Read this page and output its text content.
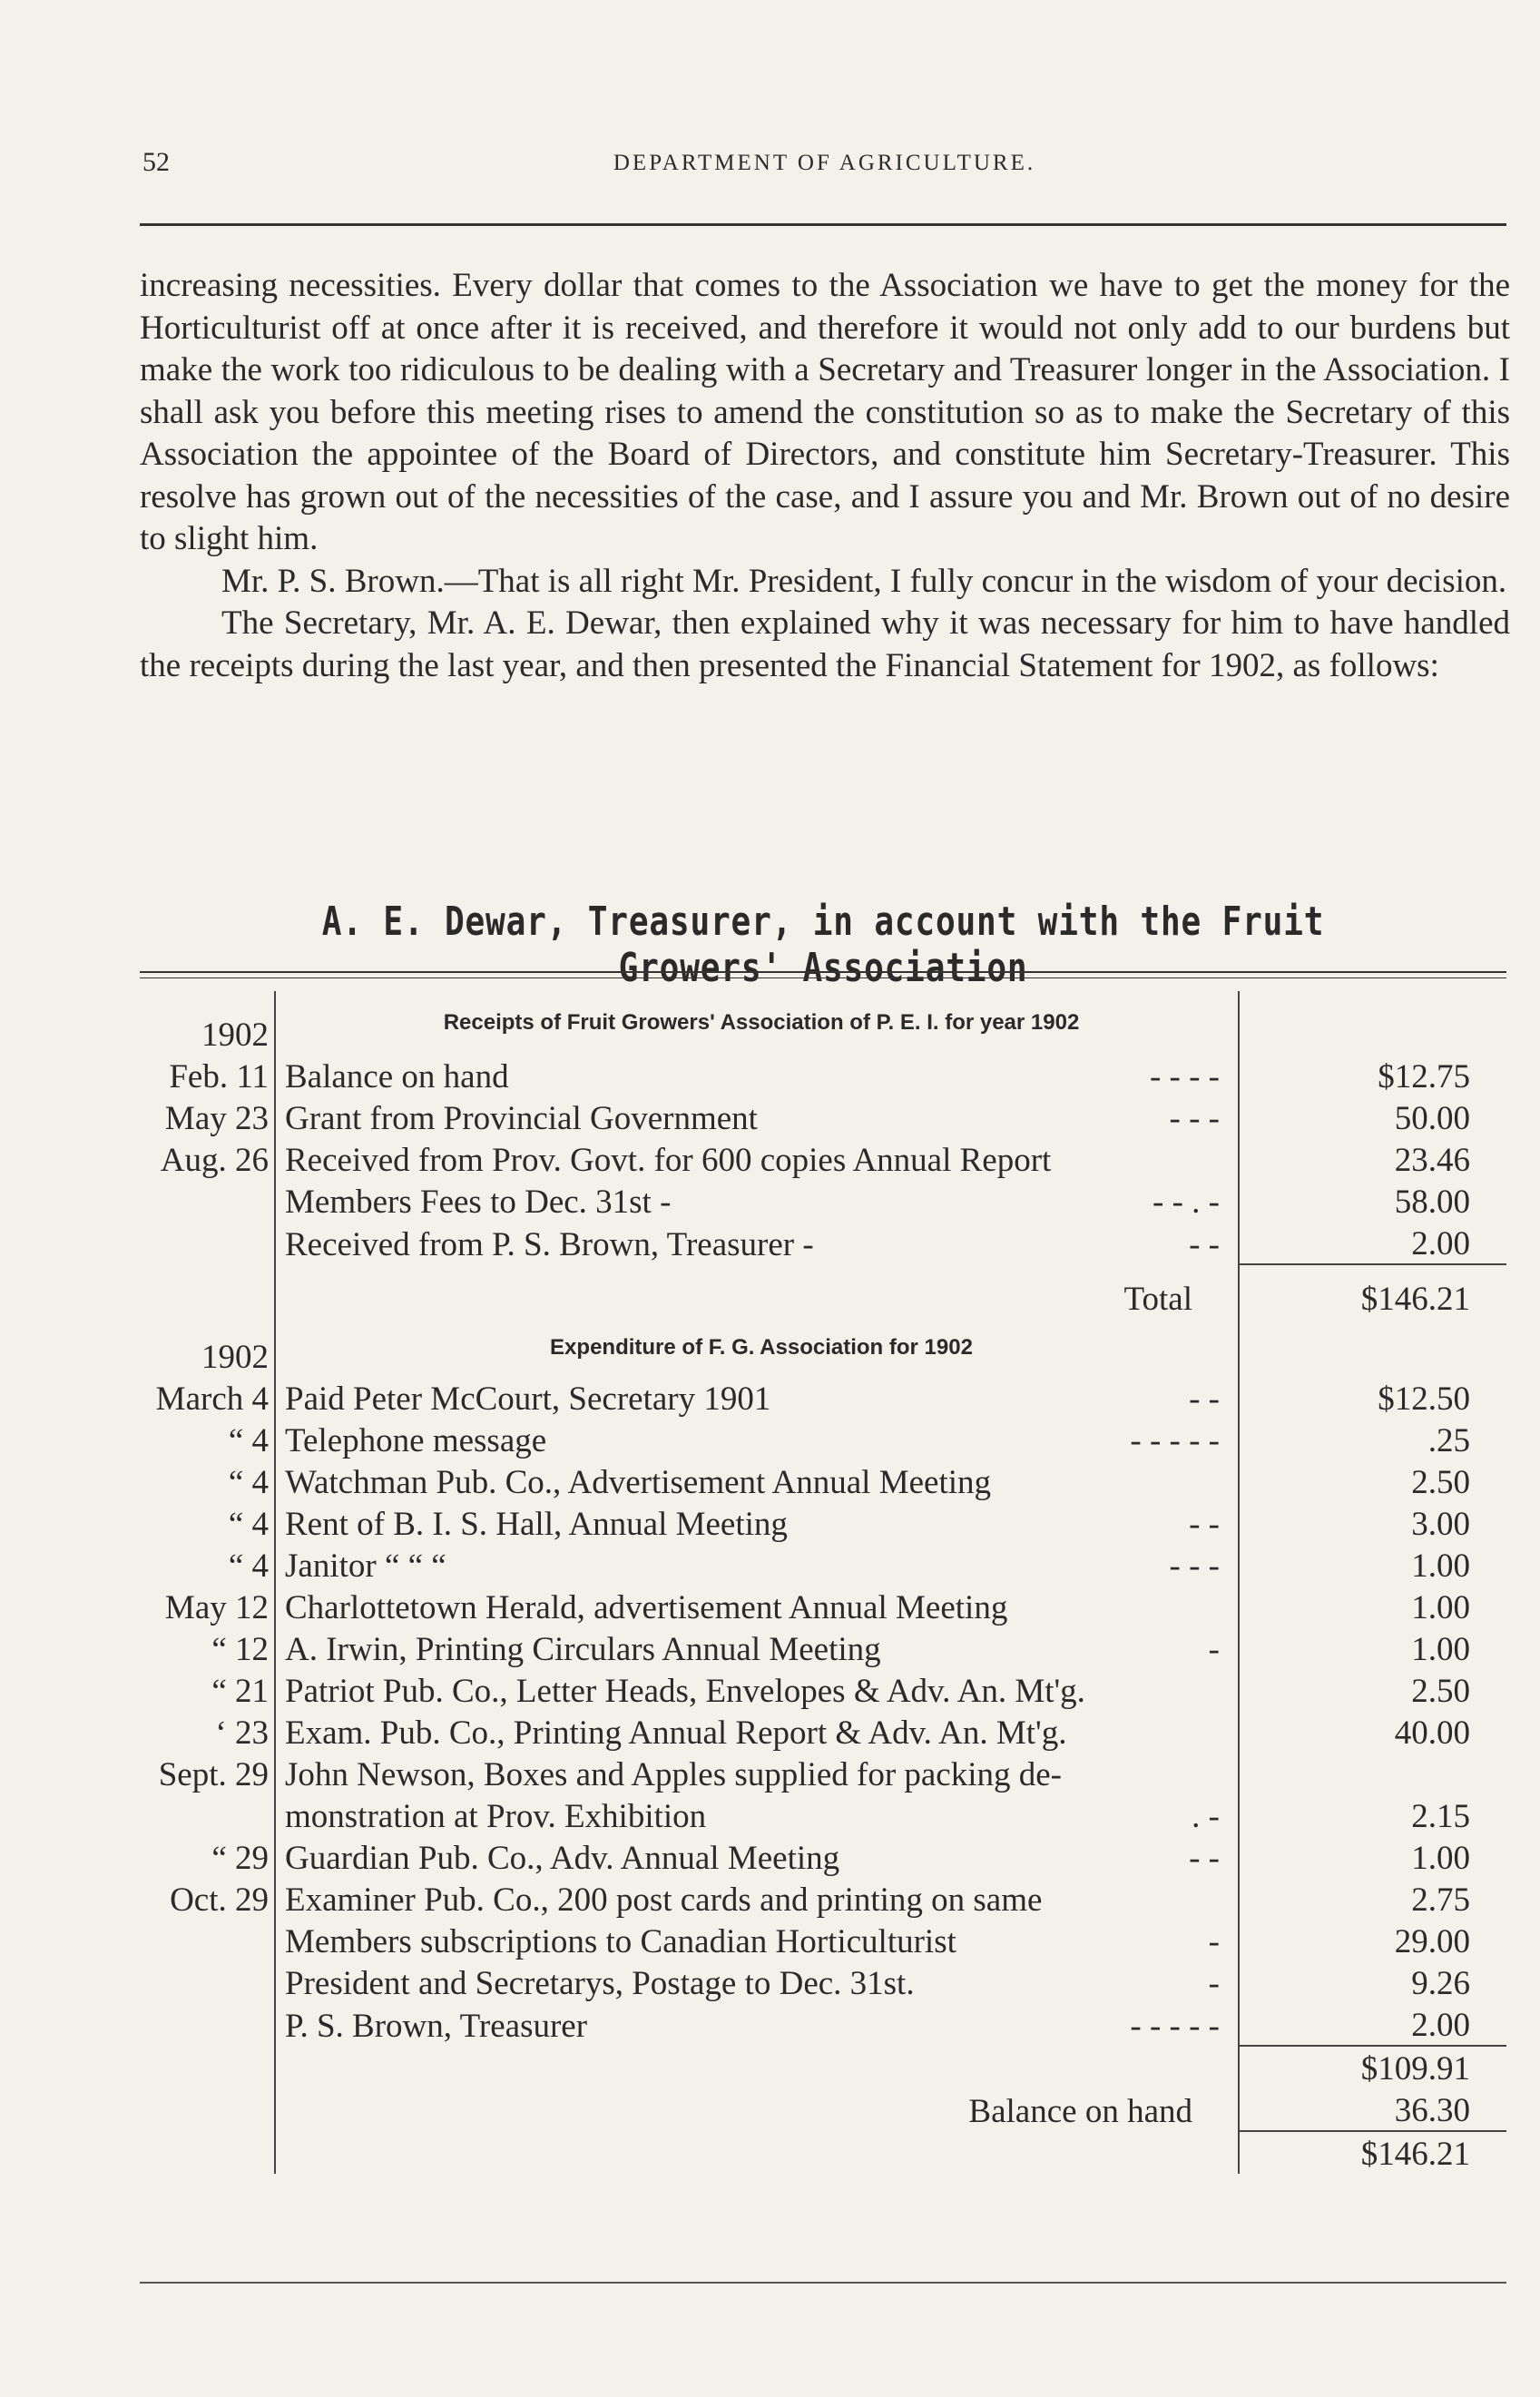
52	DEPARTMENT OF AGRICULTURE.

increasing necessities. Every dollar that comes to the Association we have to get the money for the Horticulturist off at once after it is received, and therefore it would not only add to our burdens but make the work too ridiculous to be dealing with a Secretary and Treasurer longer in the Association. I shall ask you before this meeting rises to amend the constitution so as to make the Secretary of this Association the appointee of the Board of Directors, and constitute him Secretary-Treasurer. This resolve has grown out of the necessities of the case, and I assure you and Mr. Brown out of no desire to slight him.

Mr. P. S. Brown.—That is all right Mr. President, I fully concur in the wisdom of your decision.

The Secretary, Mr. A. E. Dewar, then explained why it was necessary for him to have handled the receipts during the last year, and then presented the Financial Statement for 1902, as follows:

A. E. Dewar, Treasurer, in account with the Fruit Growers' Association
1902	Receipts of Fruit Growers' Association of P. E. I. for year 1902	
Feb. 11	Balance on hand - - - -	$12.75
May 23	Grant from Provincial Government - - -	50.00
Aug. 26	Received from Prov. Govt. for 600 copies Annual Report	23.46

	Members Fees to Dec. 31st - - - . -	58.00

	Received from P. S. Brown, Treasurer - - -	2.00
	Total	$146.21
1902	Expenditure of F. G. Association for 1902	
March 4	Paid Peter McCourt, Secretary 1901 - -	$12.50
“ 4	Telephone message - - - - -	.25
“ 4	Watchman Pub. Co., Advertisement Annual Meeting	2.50
“ 4	Rent of B. I. S. Hall, Annual Meeting - -	3.00
“ 4	Janitor “ “ “ - - -	1.00
May 12	Charlottetown Herald, advertisement Annual Meeting	1.00
“ 12	A. Irwin, Printing Circulars Annual Meeting -	1.00
“ 21	Patriot Pub. Co., Letter Heads, Envelopes & Adv. An. Mt'g.	2.50
‘ 23	Exam. Pub. Co., Printing Annual Report & Adv. An. Mt'g.	40.00
Sept. 29	John Newson, Boxes and Apples supplied for packing de-	

	monstration at Prov. Exhibition . -	2.15
“ 29	Guardian Pub. Co., Adv. Annual Meeting - -	1.00
Oct. 29	Examiner Pub. Co., 200 post cards and printing on same	2.75

	Members subscriptions to Canadian Horticulturist -	29.00

	President and Secretarys, Postage to Dec. 31st. -	9.26

	P. S. Brown, Treasurer - - - - -	2.00
		$109.91
	Balance on hand	36.30
		$146.21
